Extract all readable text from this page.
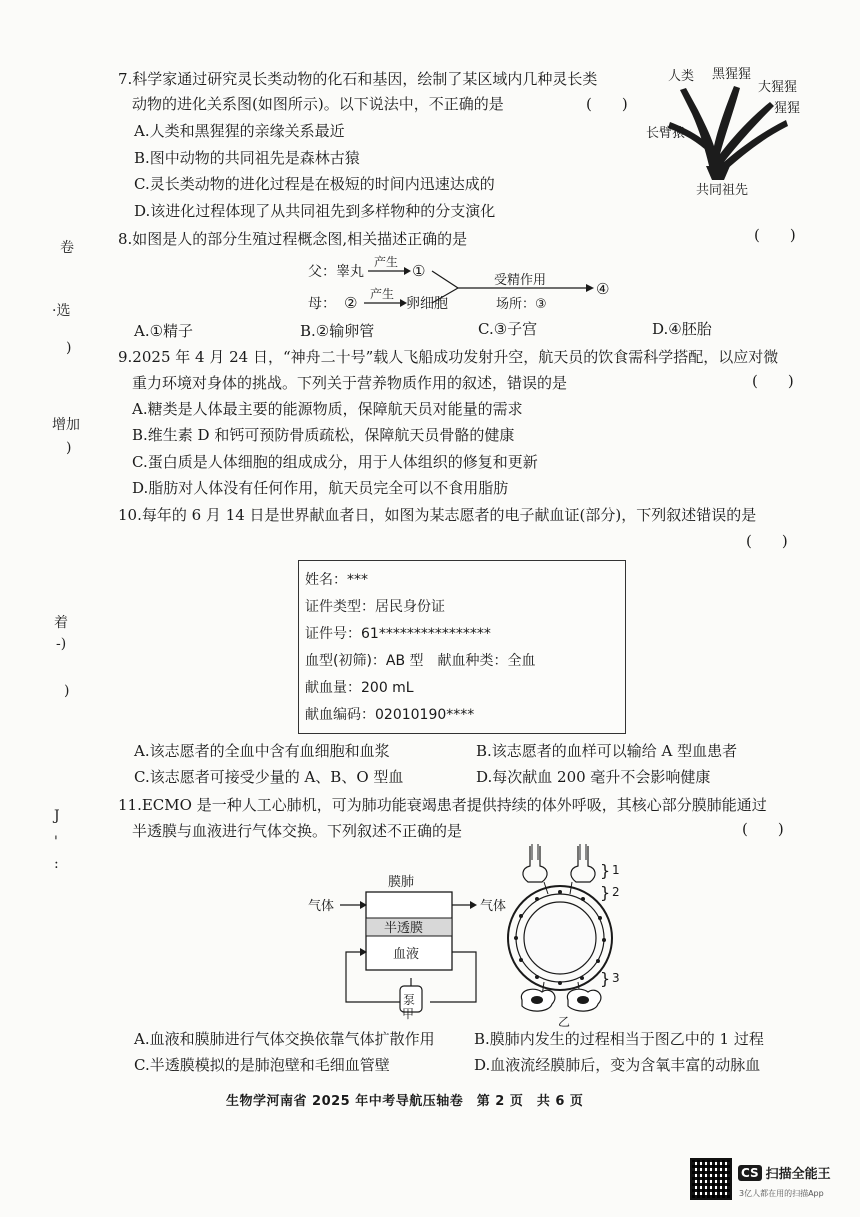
卷
·选
)
增加
)
着
-)
)
J
'
:
7.科学家通过研究灵长类动物的化石和基因，绘制了某区域内几种灵长类
动物的进化关系图(如图所示)。以下说法中，不正确的是	(　　)
A.人类和黑猩猩的亲缘关系最近
B.图中动物的共同祖先是森林古猿
C.灵长类动物的进化过程是在极短的时间内迅速达成的
D.该进化过程体现了从共同祖先到多样物种的分支演化
人类 黑猩猩
大猩猩
猩猩
长臂猿
共同祖先
8.如图是人的部分生殖过程概念图,相关描述正确的是	(　　)
父：睾丸
产生 ①
母： ② 产生
卵细胞
受精作用
场所：③
④
A.①精子	B.②输卵管	C.③子宫	D.④胚胎
9.2025 年 4 月 24 日，“神舟二十号”载人飞船成功发射升空，航天员的饮食需科学搭配，以应对微
重力环境对身体的挑战。下列关于营养物质作用的叙述，错误的是	(　　)
A.糖类是人体最主要的能源物质，保障航天员对能量的需求
B.维生素 D 和钙可预防骨质疏松，保障航天员骨骼的健康
C.蛋白质是人体细胞的组成成分，用于人体组织的修复和更新
D.脂肪对人体没有任何作用，航天员完全可以不食用脂肪
10.每年的 6 月 14 日是世界献血者日，如图为某志愿者的电子献血证(部分)，下列叙述错误的是
(　　)
姓名：***
证件类型：居民身份证
证件号：61****************
血型(初筛)：AB 型　献血种类：全血
献血量：200 mL
献血编码：02010190****
A.该志愿者的全血中含有血细胞和血浆	B.该志愿者的血样可以输给 A 型血患者
C.该志愿者可接受少量的 A、B、O 型血	D.每次献血 200 毫升不会影响健康
11.ECMO 是一种人工心肺机，可为肺功能衰竭患者提供持续的体外呼吸，其核心部分膜肺能通过
半透膜与血液进行气体交换。下列叙述不正确的是	(　　)
膜肺
半透膜
血液
气体	气体
泵
甲
} 1
} 2
} 3
乙
A.血液和膜肺进行气体交换依靠气体扩散作用	B.膜肺内发生的过程相当于图乙中的 1 过程
C.半透膜模拟的是肺泡壁和毛细血管壁	D.血液流经膜肺后，变为含氧丰富的动脉血
生物学河南省 2025 年中考导航压轴卷　第 2 页　共 6 页
CS 扫描全能王
3亿人都在用的扫描App
